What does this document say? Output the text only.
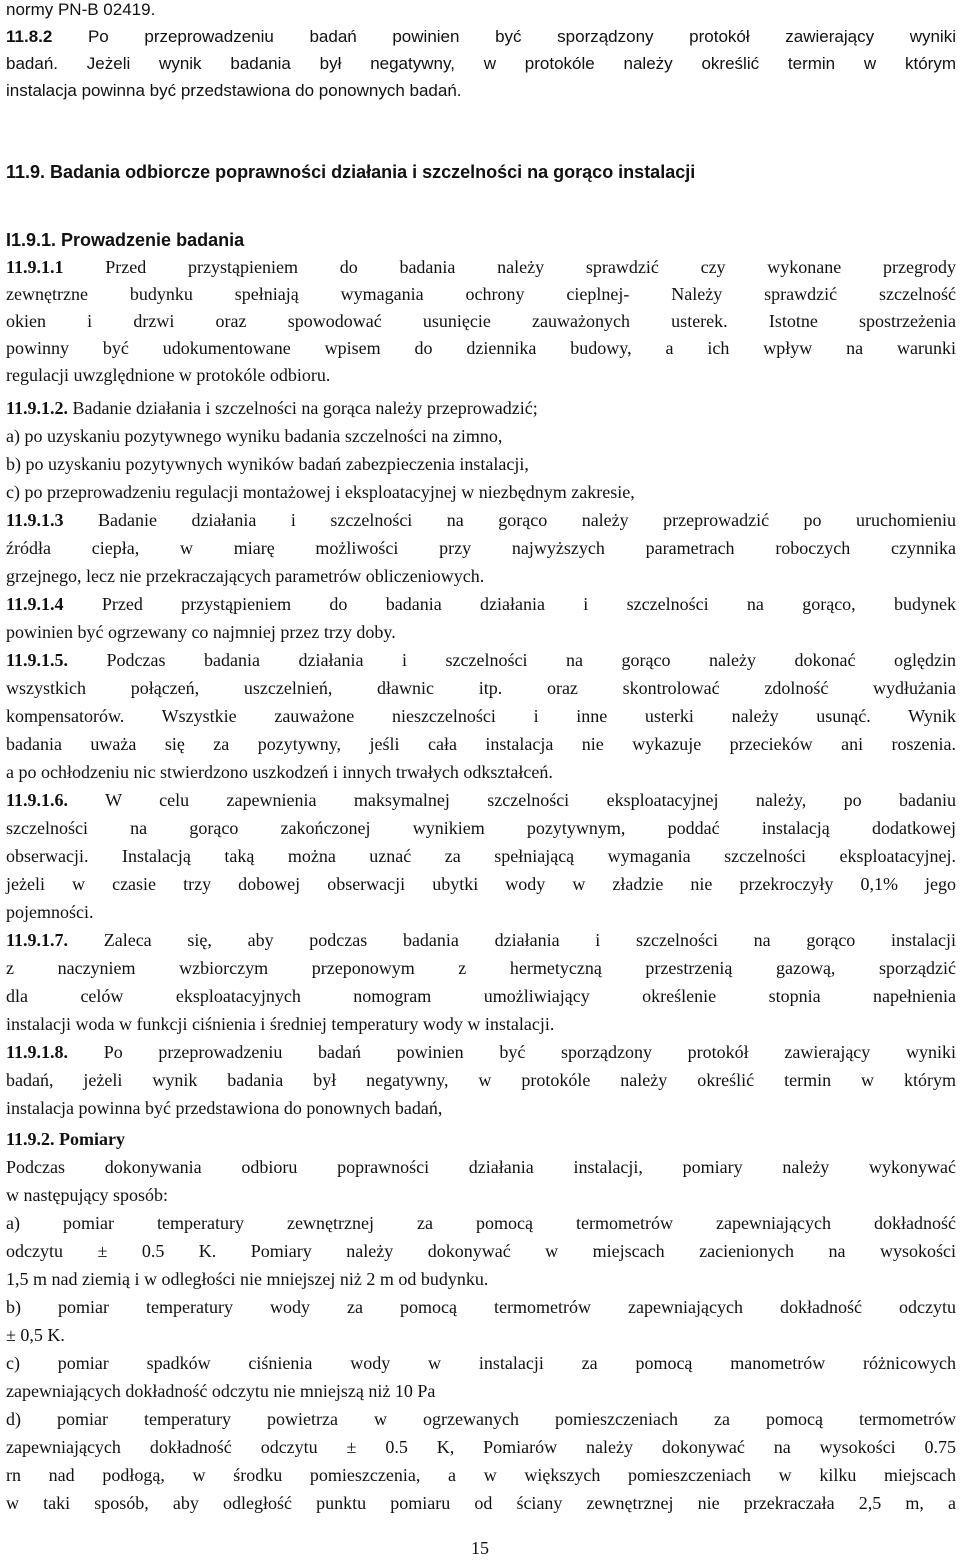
normy PN-B 02419.
11.8.2 Po przeprowadzeniu badań powinien być sporządzony protokół zawierający wyniki
badań. Jeżeli wynik badania był negatywny, w protokóle należy określić termin w którym
instalacja powinna być przedstawiona do ponownych badań.
11.9. Badania odbiorcze poprawności działania i szczelności na gorąco instalacji
I1.9.1. Prowadzenie badania
11.9.1.1 Przed przystąpieniem do badania należy sprawdzić czy wykonane przegrody
zewnętrzne budynku spełniają wymagania ochrony cieplnej- Należy sprawdzić szczelność
okien i drzwi oraz spowodować usunięcie zauważonych usterek. Istotne spostrzeżenia
powinny być udokumentowane wpisem do dziennika budowy, a ich wpływ na warunki
regulacji uwzględnione w protokóle odbioru.
11.9.1.2. Badanie działania i szczelności na gorąca należy przeprowadzić;
a) po uzyskaniu pozytywnego wyniku badania szczelności na zimno,
b) po uzyskaniu pozytywnych wyników badań zabezpieczenia instalacji,
c) po przeprowadzeniu regulacji montażowej i eksploatacyjnej w niezbędnym zakresie,
11.9.1.3 Badanie działania i szczelności na gorąco należy przeprowadzić po uruchomieniu
źródła ciepła, w miarę możliwości przy najwyższych parametrach roboczych czynnika
grzejnego, lecz nie przekraczających parametrów obliczeniowych.
11.9.1.4 Przed przystąpieniem do badania działania i szczelności na gorąco, budynek
powinien być ogrzewany co najmniej przez trzy doby.
11.9.1.5. Podczas badania działania i szczelności na gorąco należy dokonać oględzin
wszystkich połączeń, uszczelnień, dławnic itp. oraz skontrolować zdolność wydłużania
kompensatorów. Wszystkie zauważone nieszczelności i inne usterki należy usunąć. Wynik
badania uważa się za pozytywny, jeśli cała instalacja nie wykazuje przecieków ani roszenia.
a po ochłodzeniu nic stwierdzono uszkodzeń i innych trwałych odkształceń.
11.9.1.6. W celu zapewnienia maksymalnej szczelności eksploatacyjnej należy, po badaniu
szczelności na gorąco zakończonej wynikiem pozytywnym, poddać instalacją dodatkowej
obserwacji. Instalacją taką można uznać za spełniającą wymagania szczelności eksploatacyjnej.
jeżeli w czasie trzy dobowej obserwacji ubytki wody w zładzie nie przekroczyły 0,1% jego
pojemności.
11.9.1.7. Zaleca się, aby podczas badania działania i szczelności na gorąco instalacji
z naczyniem wzbiorczym przeponowym z hermetyczną przestrzenią gazową, sporządzić
dla celów eksploatacyjnych nomogram umożliwiający określenie stopnia napełnienia
instalacji woda w funkcji ciśnienia i średniej temperatury wody w instalacji.
11.9.1.8. Po przeprowadzeniu badań powinien być sporządzony protokół zawierający wyniki
badań, jeżeli wynik badania był negatywny, w protokóle należy określić termin w którym
instalacja powinna być przedstawiona do ponownych badań,
11.9.2. Pomiary
Podczas dokonywania odbioru poprawności działania instalacji, pomiary należy wykonywać
w następujący sposób:
a) pomiar temperatury zewnętrznej za pomocą termometrów zapewniających dokładność
odczytu ± 0.5 K. Pomiary należy dokonywać w miejscach zacienionych na wysokości
1,5 m nad ziemią i w odległości nie mniejszej niż 2 m od budynku.
b) pomiar temperatury wody za pomocą termometrów zapewniających dokładność odczytu
± 0,5 K.
c) pomiar spadków ciśnienia wody w instalacji za pomocą manometrów różnicowych
zapewniających dokładność odczytu nie mniejszą niż 10 Pa
d) pomiar temperatury powietrza w ogrzewanych pomieszczeniach za pomocą termometrów
zapewniających dokładność odczytu ± 0.5 K, Pomiarów należy dokonywać na wysokości 0.75
rn nad podłogą, w środku pomieszczenia, a w większych pomieszczeniach w kilku miejscach
w taki sposób, aby odległość punktu pomiaru od ściany zewnętrznej nie przekraczała 2,5 m, a
15
